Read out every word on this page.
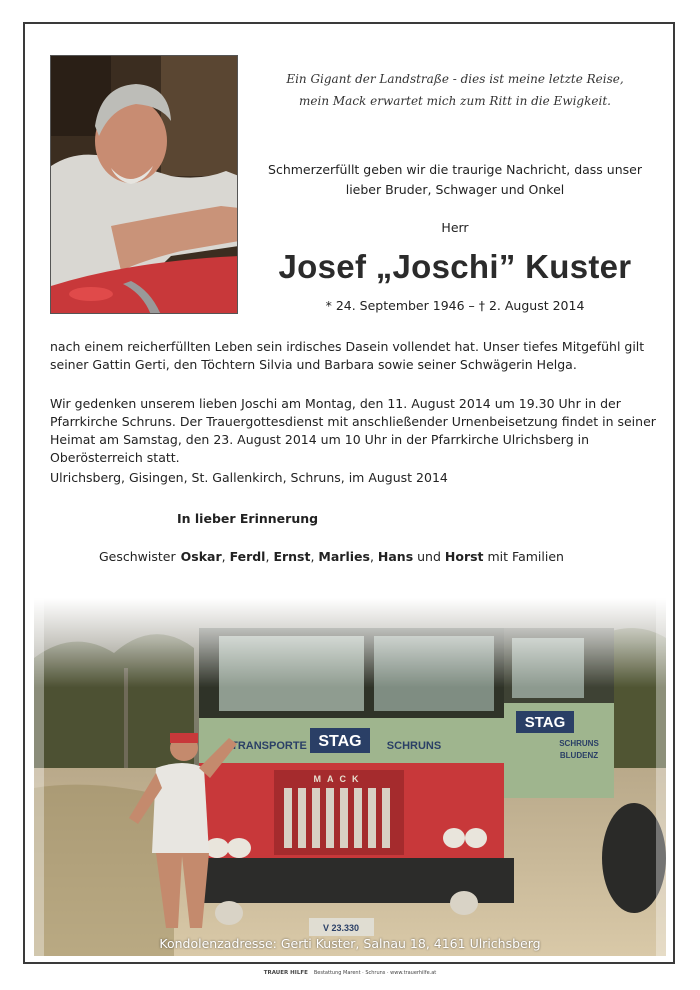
Ein Gigant der Landstraße - dies ist meine letzte Reise,
mein Mack erwartet mich zum Ritt in die Ewigkeit.
Schmerzerfüllt geben wir die traurige Nachricht, dass unser
lieber Bruder, Schwager und Onkel
Herr
Josef „Joschi” Kuster
* 24. September 1946 – † 2. August 2014
nach einem reicherfüllten Leben sein irdisches Dasein vollendet hat. Unser tiefes Mitgefühl gilt seiner Gattin Gerti, den Töchtern Silvia und Barbara sowie seiner Schwägerin Helga.
Wir gedenken unserem lieben Joschi am Montag, den 11. August 2014 um 19.30 Uhr in der Pfarrkirche Schruns. Der Trauergottesdienst mit anschließender Urnenbeisetzung findet in seiner Heimat am Samstag, den 23. August 2014 um 10 Uhr in der Pfarrkirche Ulrichsberg in Oberösterreich statt.
Ulrichsberg, Gisingen, St. Gallenkirch, Schruns, im August 2014
In lieber Erinnerung
Geschwister Oskar, Ferdl, Ernst, Marlies, Hans und Horst mit Familien
Kondolenzadresse: Gerti Kuster, Salnau 18, 4161 Ulrichsberg
TRAUER HILFE Bestattung Marent · Schruns · www.trauerhilfe.at
